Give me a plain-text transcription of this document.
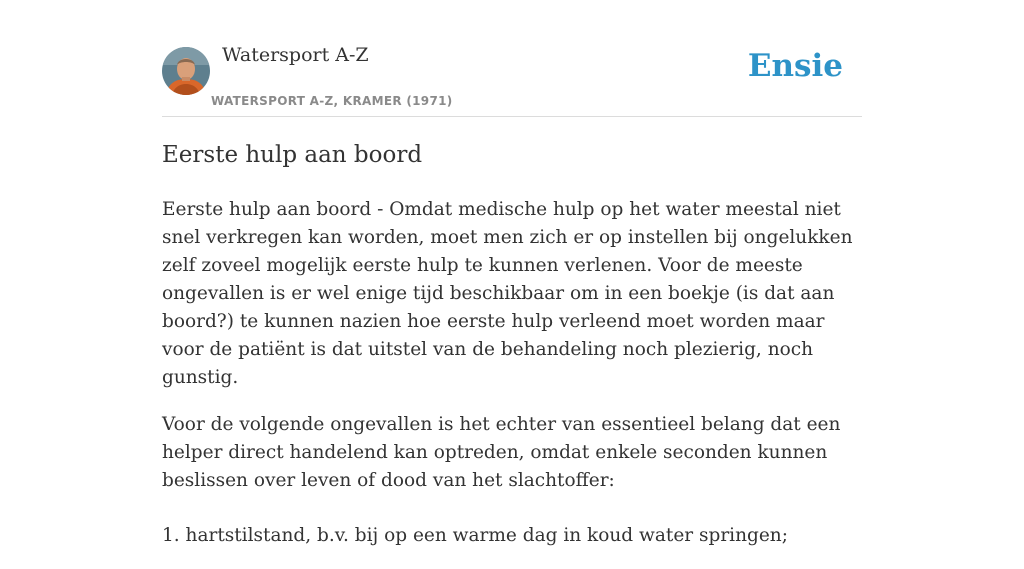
Watersport A-Z
WATERSPORT A-Z, KRAMER (1971)
Ensie
Eerste hulp aan boord

Eerste hulp aan boord - Omdat medische hulp op het water meestal niet snel verkregen kan worden, moet men zich er op instellen bij ongelukken zelf zoveel mogelijk eerste hulp te kunnen verlenen. Voor de meeste ongevallen is er wel enige tijd beschikbaar om in een boekje (is dat aan boord?) te kunnen nazien hoe eerste hulp verleend moet worden maar voor de patiënt is dat uitstel van de behandeling noch plezierig, noch gunstig.

Voor de volgende ongevallen is het echter van essentieel belang dat een helper direct handelend kan optreden, omdat enkele seconden kunnen beslissen over leven of dood van het slachtoffer:

1. hartstilstand, b.v. bij op een warme dag in koud water springen;
